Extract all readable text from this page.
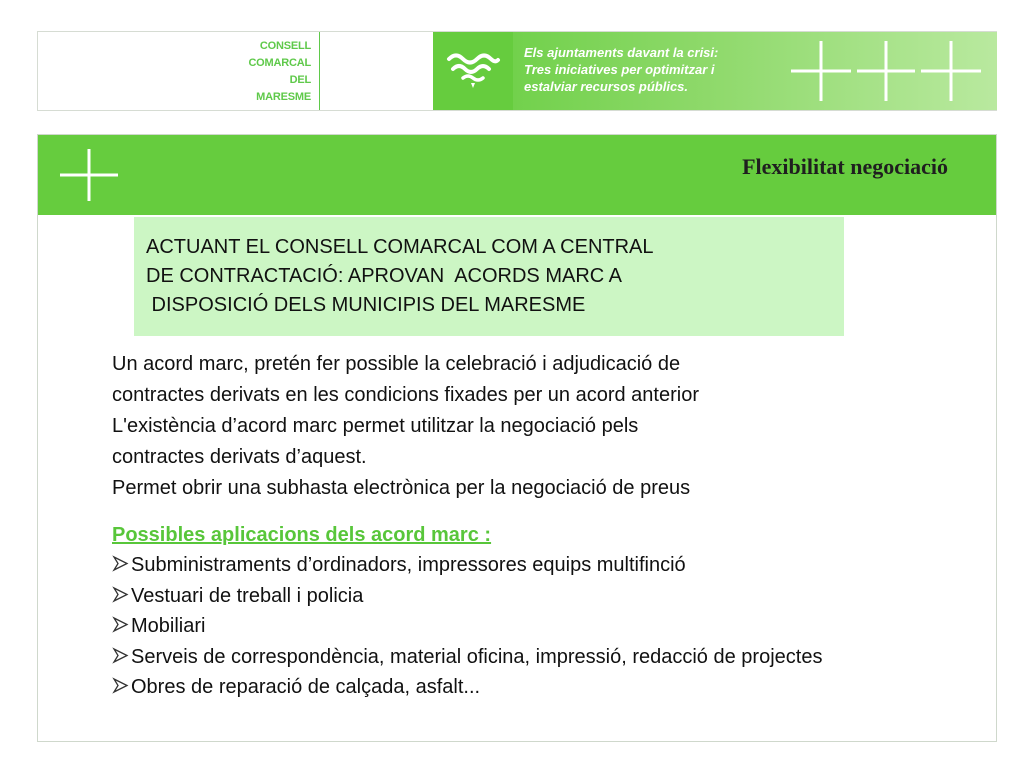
CONSELL
COMARCAL
DEL
MARESME
Els ajuntaments davant la crisi:
Tres iniciatives per optimitzar i
estalviar recursos públics.
Flexibilitat negociació
ACTUANT EL CONSELL COMARCAL COM A CENTRAL
DE CONTRACTACIÓ: APROVAN  ACORDS MARC A
DISPOSICIÓ DELS MUNICIPIS DEL MARESME
Un acord marc, pretén fer possible la celebració i adjudicació de
contractes derivats en les condicions fixades per un acord anterior
L'existència d’acord marc permet utilitzar la negociació pels
contractes derivats d’aquest.
Permet obrir una subhasta electrònica per la negociació de preus
Possibles aplicacions dels acord marc :
Subministraments d’ordinadors, impressores equips multifinció
Vestuari de treball i policia
Mobiliari
Serveis de correspondència, material oficina, impressió, redacció de projectes
Obres de reparació de calçada, asfalt...
